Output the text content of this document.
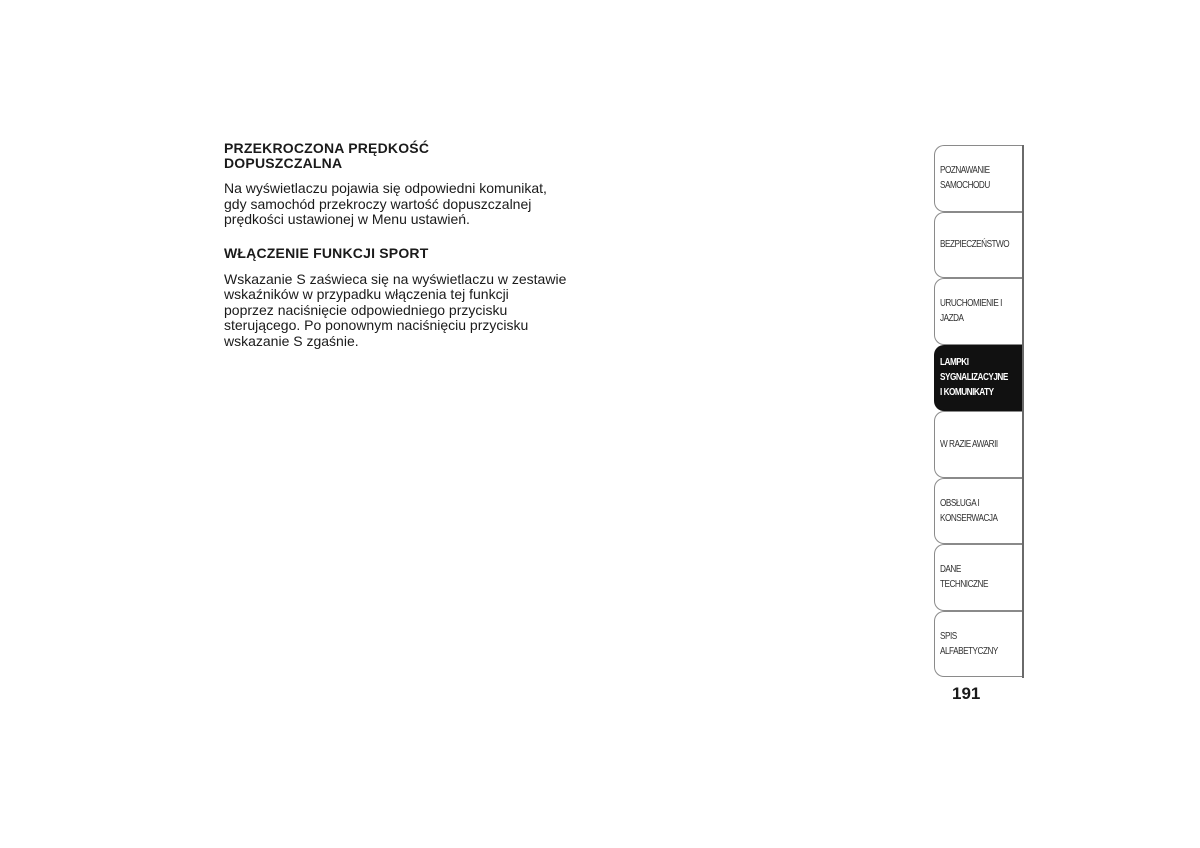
PRZEKROCZONA PRĘDKOŚĆ
DOPUSZCZALNA

Na wyświetlaczu pojawia się odpowiedni komunikat,
gdy samochód przekroczy wartość dopuszczalnej
prędkości ustawionej w Menu ustawień.

WŁĄCZENIE FUNKCJI SPORT

Wskazanie S zaświeca się na wyświetlaczu w zestawie
wskaźników w przypadku włączenia tej funkcji
poprzez naciśnięcie odpowiedniego przycisku
sterującego. Po ponownym naciśnięciu przycisku
wskazanie S zgaśnie.

POZNAWANIE
SAMOCHODU
BEZPIECZEŃSTWO
URUCHOMIENIE I
JAZDA
LAMPKI
SYGNALIZACYJNE
I KOMUNIKATY
W RAZIE AWARII
OBSŁUGA I
KONSERWACJA
DANE TECHNICZNE
SPIS ALFABETYCZNY
191
